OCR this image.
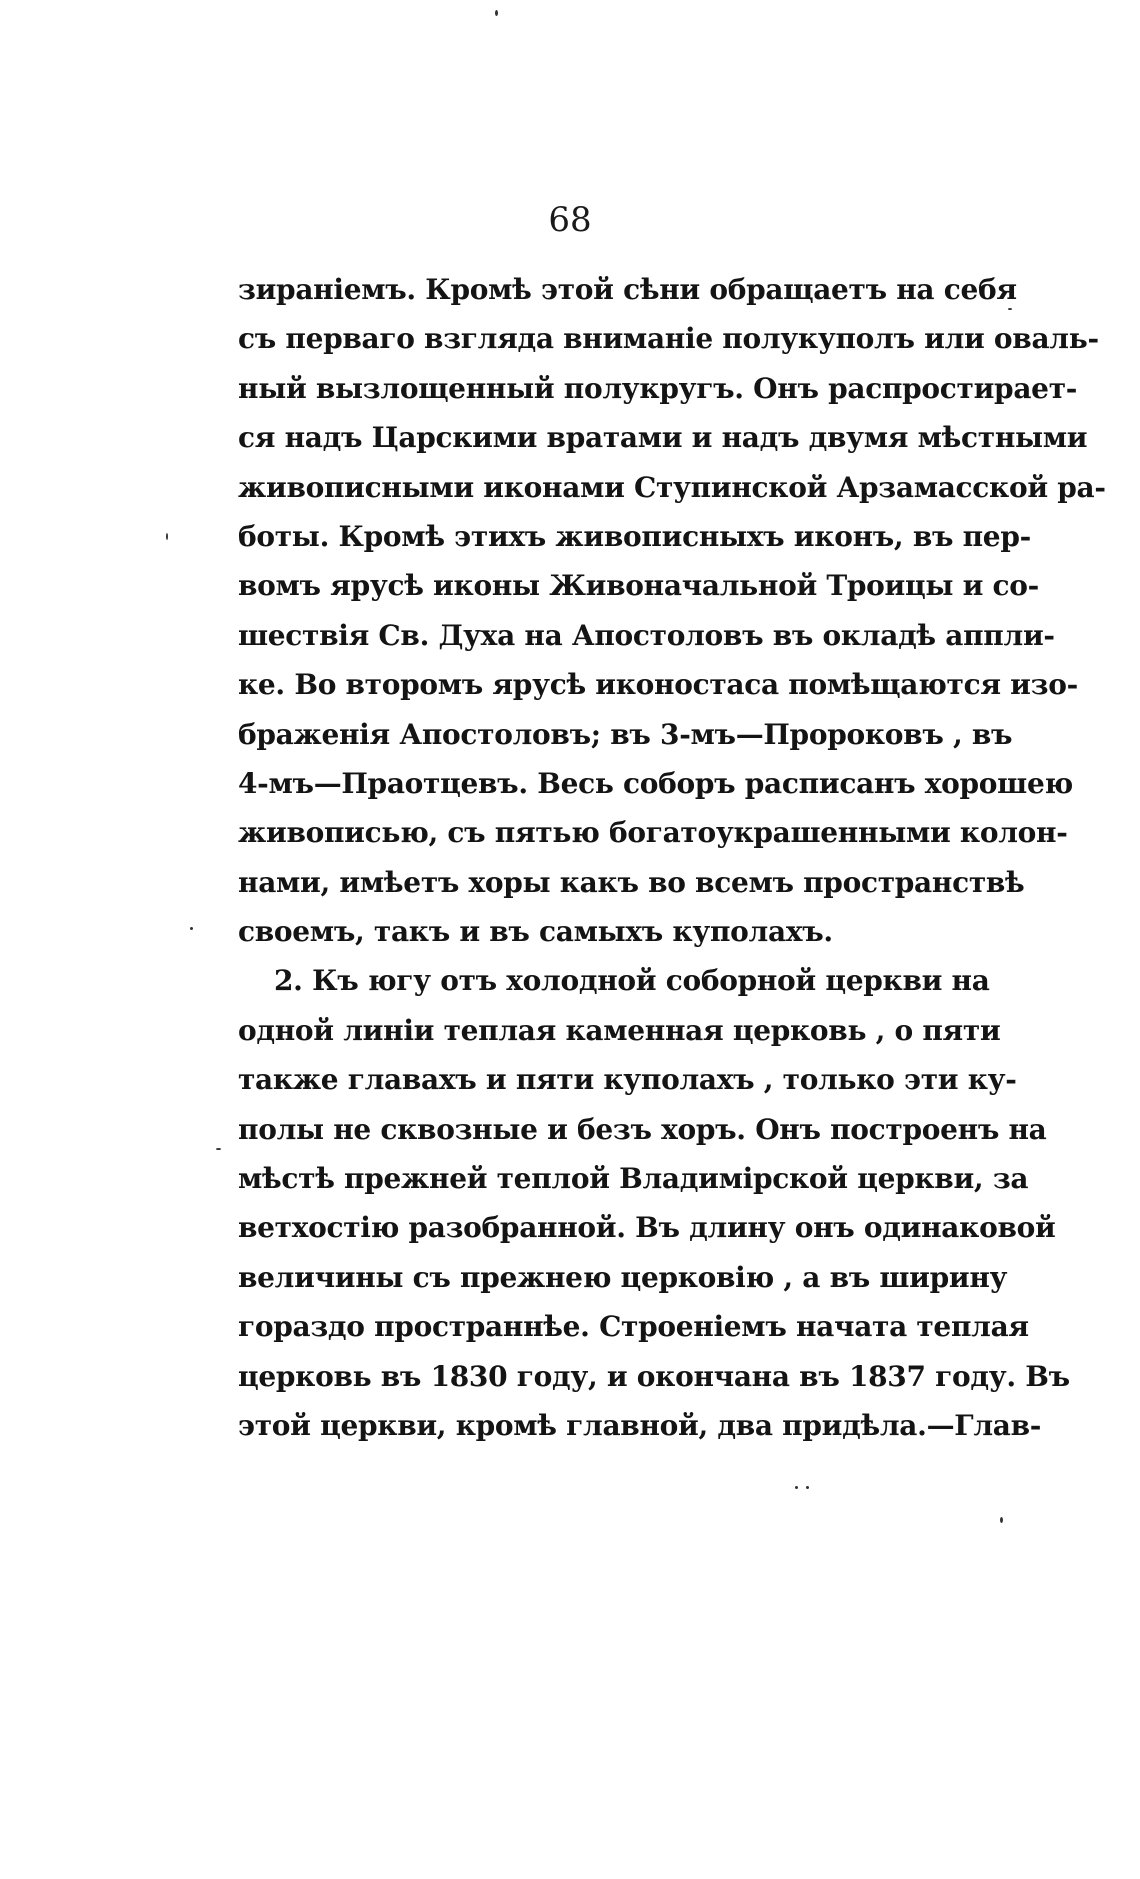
68
зиранiемъ. Кромѣ этой сѣни обращаетъ на себя
съ перваго взгляда вниманiе полукуполъ или оваль-
ный вызлощенный полукругъ. Онъ распростирает-
ся надъ Царскими вратами и надъ двумя мѣстными
живописными иконами Ступинской Арзамасской ра-
боты. Кромѣ этихъ живописныхъ иконъ, въ пер-
вомъ ярусѣ иконы Живоначальной Троицы и со-
шествiя Св. Духа на Апостоловъ въ окладѣ аппли-
ке. Во второмъ ярусѣ иконостаса помѣщаются изо-
браженiя Апостоловъ; въ 3-мъ—Пророковъ , въ
4-мъ—Праотцевъ. Весь соборъ расписанъ хорошею
живописью, съ пятью богатоукрашенными колон-
нами, имѣетъ хоры какъ во всемъ пространствѣ
своемъ, такъ и въ самыхъ куполахъ.
2. Къ югу отъ холодной соборной церкви на
одной линiи теплая каменная церковь , о пяти
также главахъ и пяти куполахъ , только эти ку-
полы не сквозные и безъ хоръ. Онъ построенъ на
мѣстѣ прежней теплой Владимiрской церкви, за
ветхостiю разобранной. Въ длину онъ одинаковой
величины съ прежнею церковiю , а въ ширину
гораздо пространнѣе. Строенiемъ начата теплая
церковь въ 1830 году, и окончана въ 1837 году. Въ
этой церкви, кромѣ главной, два придѣла.—Глав-
